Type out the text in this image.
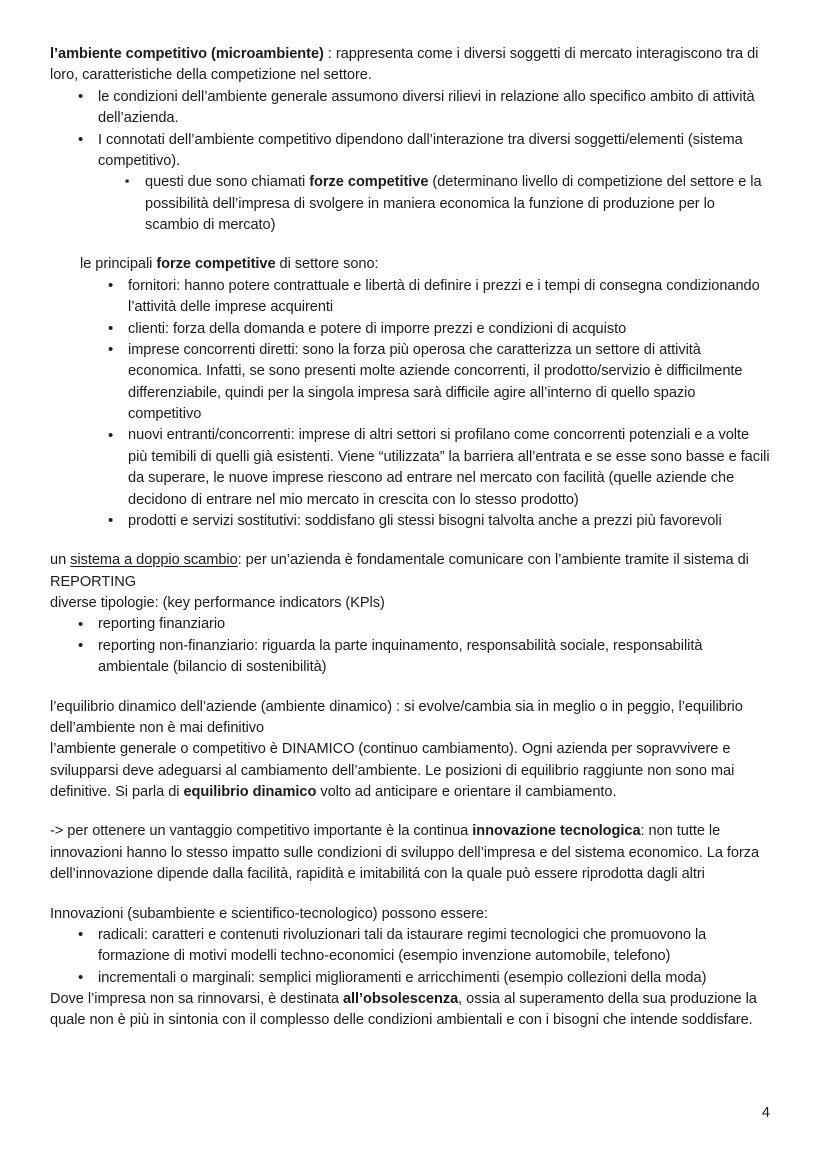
l’ambiente competitivo (microambiente) : rappresenta come i diversi soggetti di mercato interagiscono tra di loro, caratteristiche della competizione nel settore.

• le condizioni dell’ambiente generale assumono diversi rilievi in relazione allo specifico ambito di attività dell’azienda.
• I connotati dell’ambiente competitivo dipendono dall’interazione tra diversi soggetti/elementi (sistema competitivo).
▪ questi due sono chiamati forze competitive (determinano livello di competizione del settore e la possibilità dell’impresa di svolgere in maniera economica la funzione di produzione per lo scambio di mercato)

le principali forze competitive di settore sono:

• fornitori: hanno potere contrattuale e libertà di definire i prezzi e i tempi di consegna condizionando l’attività delle imprese acquirenti
• clienti: forza della domanda e potere di imporre prezzi e condizioni di acquisto
• imprese concorrenti diretti: sono la forza più operosa che caratterizza un settore di attività economica. Infatti, se sono presenti molte aziende concorrenti, il prodotto/servizio è difficilmente differenziabile, quindi per la singola impresa sarà difficile agire all’interno di quello spazio competitivo
• nuovi entranti/concorrenti: imprese di altri settori si profilano come concorrenti potenziali e a volte più temibili di quelli già esistenti. Viene “utilizzata” la barriera all’entrata e se esse sono basse e facili da superare, le nuove imprese riescono ad entrare nel mercato con facilità (quelle aziende che decidono di entrare nel mio mercato in crescita con lo stesso prodotto)
• prodotti e servizi sostitutivi: soddisfano gli stessi bisogni talvolta anche a prezzi più favorevoli

un sistema a doppio scambio: per un’azienda è fondamentale comunicare con l’ambiente tramite il sistema di REPORTING

diverse tipologie: (key performance indicators (KPls)

• reporting finanziario
• reporting non-finanziario: riguarda la parte inquinamento, responsabilità sociale, responsabilità ambientale (bilancio di sostenibilità)

l’equilibrio dinamico dell’aziende (ambiente dinamico) : si evolve/cambia sia in meglio o in peggio, l’equilibrio dell’ambiente non è mai definitivo

l’ambiente generale o competitivo è DINAMICO (continuo cambiamento). Ogni azienda per sopravvivere e svilupparsi deve adeguarsi al cambiamento dell’ambiente. Le posizioni di equilibrio raggiunte non sono mai definitive. Si parla di equilibrio dinamico volto ad anticipare e orientare il cambiamento.

-> per ottenere un vantaggio competitivo importante è la continua innovazione tecnologica: non tutte le innovazioni hanno lo stesso impatto sulle condizioni di sviluppo dell’impresa e del sistema economico. La forza dell’innovazione dipende dalla facilità, rapidità e imitabilitá con la quale può essere riprodotta dagli altri

Innovazioni (subambiente e scientifico-tecnologico) possono essere:

• radicali: caratteri e contenuti rivoluzionari tali da istaurare regimi tecnologici che promuovono la formazione di motivi modelli techno-economici (esempio invenzione automobile, telefono)
• incrementali o marginali: semplici miglioramenti e arricchimenti (esempio collezioni della moda)

Dove l’impresa non sa rinnovarsi, è destinata all’obsolescenza, ossia al superamento della sua produzione la quale non è più in sintonia con il complesso delle condizioni ambientali e con i bisogni che intende soddisfare.

4
